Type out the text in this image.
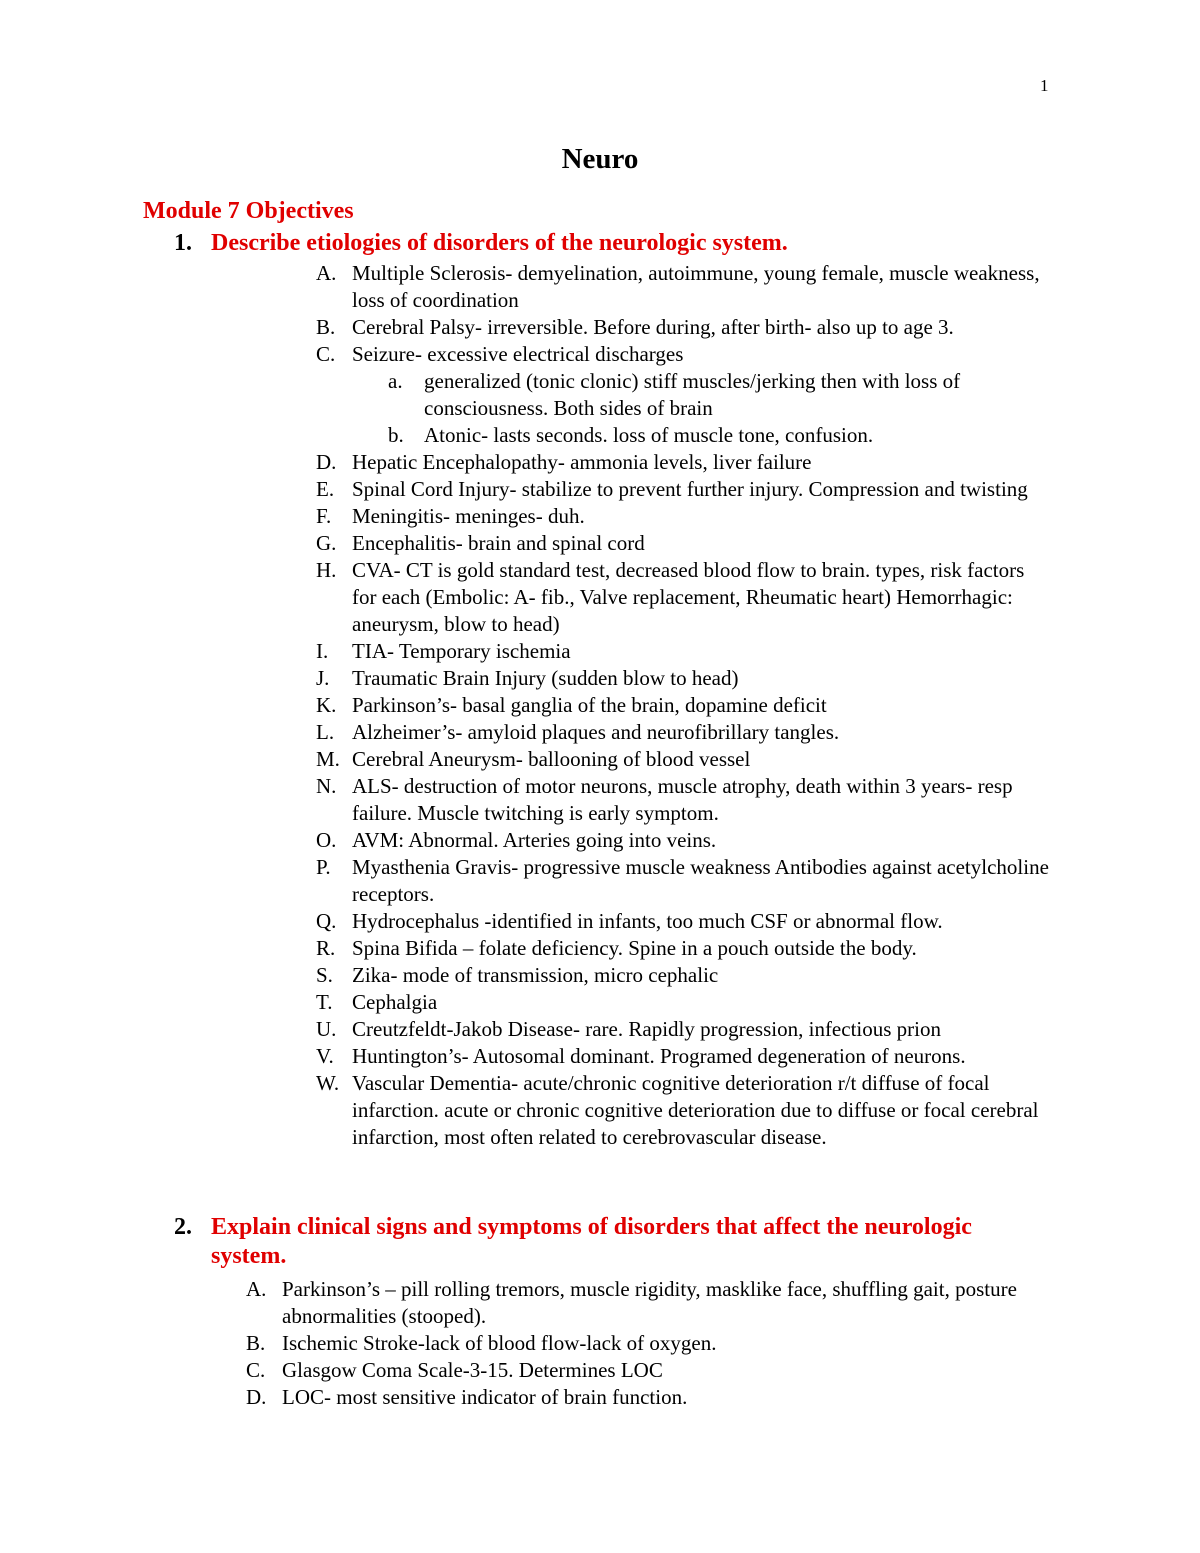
1
Neuro
Module 7 Objectives
1. Describe etiologies of disorders of the neurologic system.
A. Multiple Sclerosis- demyelination, autoimmune, young female, muscle weakness, loss of coordination
B. Cerebral Palsy- irreversible. Before during, after birth- also up to age 3.
C. Seizure- excessive electrical discharges
a. generalized (tonic clonic) stiff muscles/jerking then with loss of consciousness. Both sides of brain
b. Atonic- lasts seconds. loss of muscle tone, confusion.
D. Hepatic Encephalopathy- ammonia levels, liver failure
E. Spinal Cord Injury- stabilize to prevent further injury. Compression and twisting
F. Meningitis- meninges- duh.
G. Encephalitis- brain and spinal cord
H. CVA- CT is gold standard test, decreased blood flow to brain. types, risk factors for each (Embolic: A- fib., Valve replacement, Rheumatic heart) Hemorrhagic: aneurysm, blow to head)
I. TIA- Temporary ischemia
J. Traumatic Brain Injury (sudden blow to head)
K. Parkinson’s- basal ganglia of the brain, dopamine deficit
L. Alzheimer’s- amyloid plaques and neurofibrillary tangles.
M. Cerebral Aneurysm- ballooning of blood vessel
N. ALS- destruction of motor neurons, muscle atrophy, death within 3 years- resp failure. Muscle twitching is early symptom.
O. AVM: Abnormal. Arteries going into veins.
P. Myasthenia Gravis- progressive muscle weakness Antibodies against acetylcholine receptors.
Q. Hydrocephalus -identified in infants, too much CSF or abnormal flow.
R. Spina Bifida – folate deficiency. Spine in a pouch outside the body.
S. Zika- mode of transmission, micro cephalic
T. Cephalgia
U. Creutzfeldt-Jakob Disease- rare. Rapidly progression, infectious prion
V. Huntington’s- Autosomal dominant. Programed degeneration of neurons.
W. Vascular Dementia- acute/chronic cognitive deterioration r/t diffuse of focal infarction. acute or chronic cognitive deterioration due to diffuse or focal cerebral infarction, most often related to cerebrovascular disease.
2. Explain clinical signs and symptoms of disorders that affect the neurologic system.
A. Parkinson’s – pill rolling tremors, muscle rigidity, masklike face, shuffling gait, posture abnormalities (stooped).
B. Ischemic Stroke-lack of blood flow-lack of oxygen.
C. Glasgow Coma Scale-3-15. Determines LOC
D. LOC- most sensitive indicator of brain function.
